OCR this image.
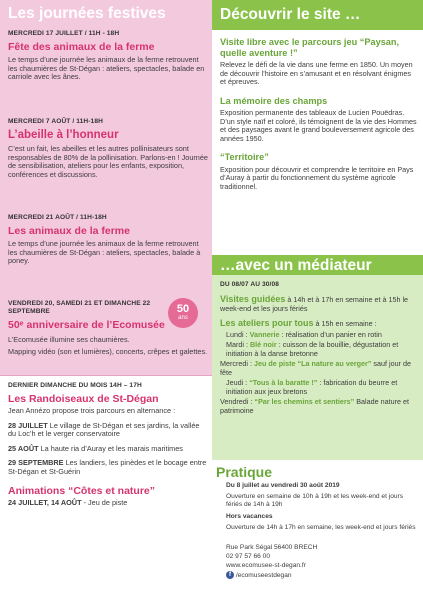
Les journées festives
MERCREDI 17 JUILLET / 11H - 18H
Fête des animaux de la ferme
Le temps d’une journée les animaux de la ferme retrouvent les chaumières de St-Dégan : ateliers, spectacles, balade en carriole avec les ânes.
MERCREDI 7 AOÛT / 11H-18H
L’abeille à l’honneur
C’est un fait, les abeilles et les autres pollinisateurs sont responsables de 80% de la pollinisation. Parlons-en ! Journée de sensibilisation, ateliers pour les enfants, exposition, conférences et discussions.
MERCREDI 21 AOÛT / 11H-18H
Les animaux de la ferme
Le temps d’une journée les animaux de la ferme retrouvent les chaumières de St-Dégan : ateliers, spectacles, balade à poney.
VENDREDI 20, SAMEDI 21 ET DIMANCHE 22 SEPTEMBRE
50ᵉ anniversaire de l’Ecomusée
L’Ecomusée illumine ses chaumières.
Mapping vidéo (son et lumières), concerts, crêpes et galettes.
50
ans
DERNIER DIMANCHE DU MOIS 14H – 17H
Les Randoiseaux de St-Dégan
Jean Annézo propose trois parcours en alternance :
28 JUILLET Le village de St-Dégan et ses jardins, la vallée du Loc’h et le verger conservatoire
25 AOÛT La haute ria d’Auray et les marais maritimes
29 SEPTEMBRE Les landiers, les pinèdes et le bocage entre St-Dégan et St-Guérin
Animations “Côtes et nature”
24 JUILLET, 14 AOÛT - Jeu de piste
Découvrir le site …
Visite libre avec le parcours jeu “Paysan, quelle aventure !”
Relevez le défi de la vie dans une ferme en 1850. Un moyen de découvrir l’histoire en s’amusant et en résolvant énigmes et épreuves.
La mémoire des champs
Exposition permanente des tableaux de Lucien Pouëdras. D’un style naïf et coloré, ils témoignent de la vie des Hommes et des paysages avant le grand bouleversement agricole des années 1950.
“Territoire”
Exposition pour découvrir et comprendre le territoire en Pays d’Auray à partir du fonctionnement du système agricole traditionnel.
…avec un médiateur
DU 08/07 AU 30/08
Visites guidées à 14h et à 17h en semaine et à 15h le week-end et les jours fériés
Les ateliers pour tous à 15h en semaine :
Lundi : Vannerie : réalisation d’un panier en rotin
Mardi : Blé noir : cuisson de la bouillie, dégustation et initiation à la danse bretonne
Mercredi : Jeu de piste “La nature au verger” sauf jour de fête
Jeudi : “Tous à la baratte !” : fabrication du beurre et initiation aux jeux bretons
Vendredi : “Par les chemins et sentiers” Balade nature et patrimoine
Pratique
Du 8 juillet au vendredi 30 août 2019
Ouverture en semaine de 10h à 19h et les week-end et jours fériés de 14h à 19h
Hors vacances
Ouverture de 14h à 17h en semaine, les week-end et jours fériés
Rue Park Ségal 56400 BRECH
02 97 57 66 00
www.ecomusee-st-degan.fr
f /ecomuseestdegan
